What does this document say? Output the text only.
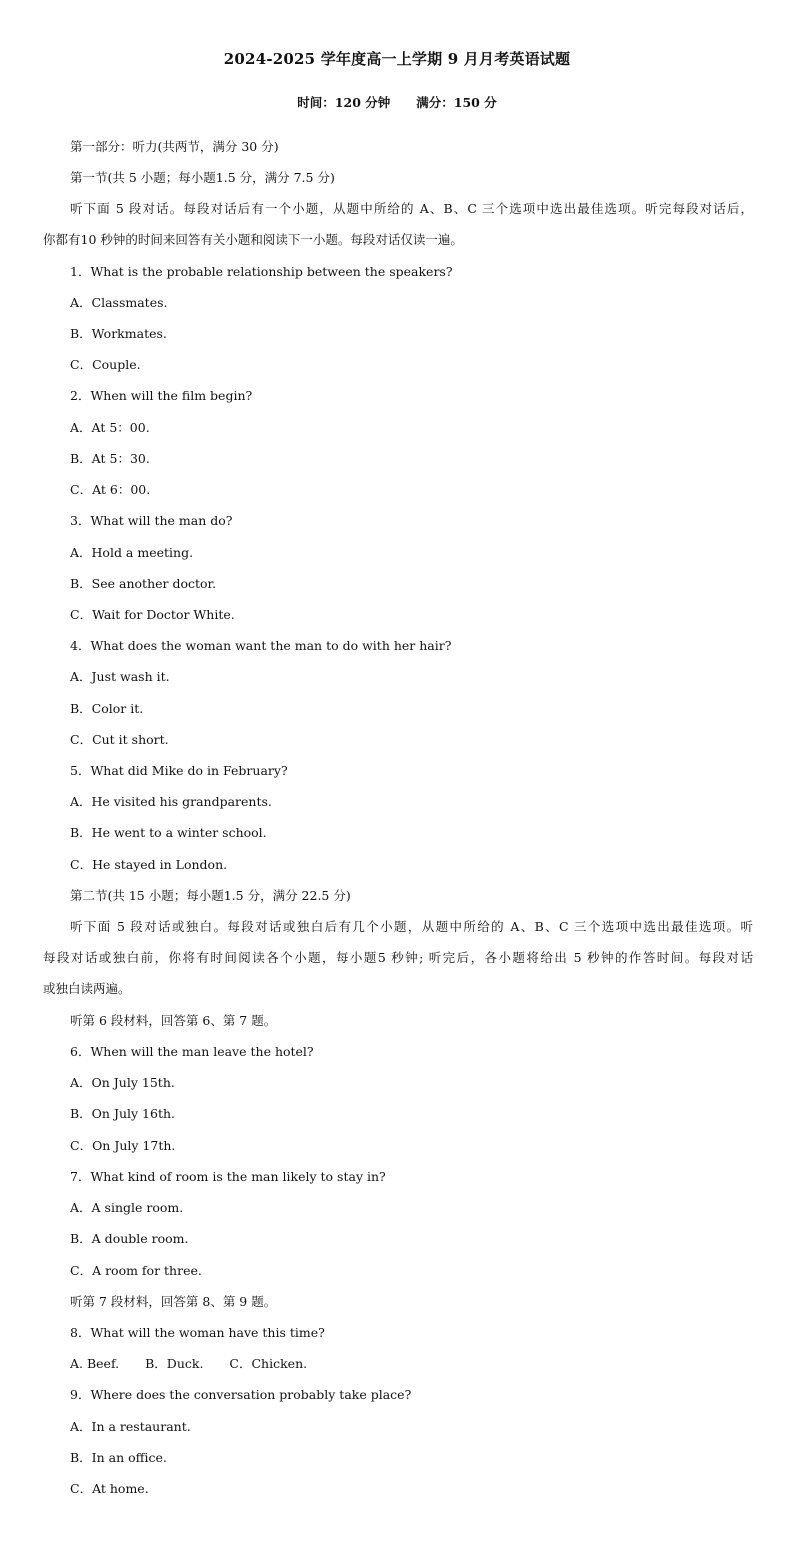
2024-2025 学年度高一上学期 9 月月考英语试题
时间：120 分钟 满分：150 分
第一部分：听力(共两节，满分 30 分)
第一节(共 5 小题；每小题1.5 分，满分 7.5 分)
听下面 5 段对话。每段对话后有一个小题，从题中所给的 A、B、C 三个选项中选出最佳选项。听完每段对话后，
你都有10 秒钟的时间来回答有关小题和阅读下一小题。每段对话仅读一遍。
1．What is the probable relationship between the speakers?
A．Classmates.
B．Workmates.
C．Couple.
2．When will the film begin?
A．At 5：00.
B．At 5：30.
C．At 6：00.
3．What will the man do?
A．Hold a meeting.
B．See another doctor.
C．Wait for Doctor White.
4．What does the woman want the man to do with her hair?
A．Just wash it.
B．Color it.
C．Cut it short.
5．What did Mike do in February?
A．He visited his grandparents.
B．He went to a winter school.
C．He stayed in London.
第二节(共 15 小题；每小题1.5 分，满分 22.5 分)
听下面 5 段对话或独白。每段对话或独白后有几个小题，从题中所给的 A、B、C 三个选项中选出最佳选项。听
每段对话或独白前，你将有时间阅读各个小题，每小题5 秒钟; 听完后，各小题将给出 5 秒钟的作答时间。每段对话
或独白读两遍。
听第 6 段材料，回答第 6、第 7 题。
6．When will the man leave the hotel?
A．On July 15th.
B．On July 16th.
C．On July 17th.
7．What kind of room is the man likely to stay in?
A．A single room.
B．A double room.
C．A room for three.
听第 7 段材料，回答第 8、第 9 题。
8．What will the woman have this time?
A. Beef. B．Duck. C．Chicken.
9．Where does the conversation probably take place?
A．In a restaurant.
B．In an office.
C．At home.
